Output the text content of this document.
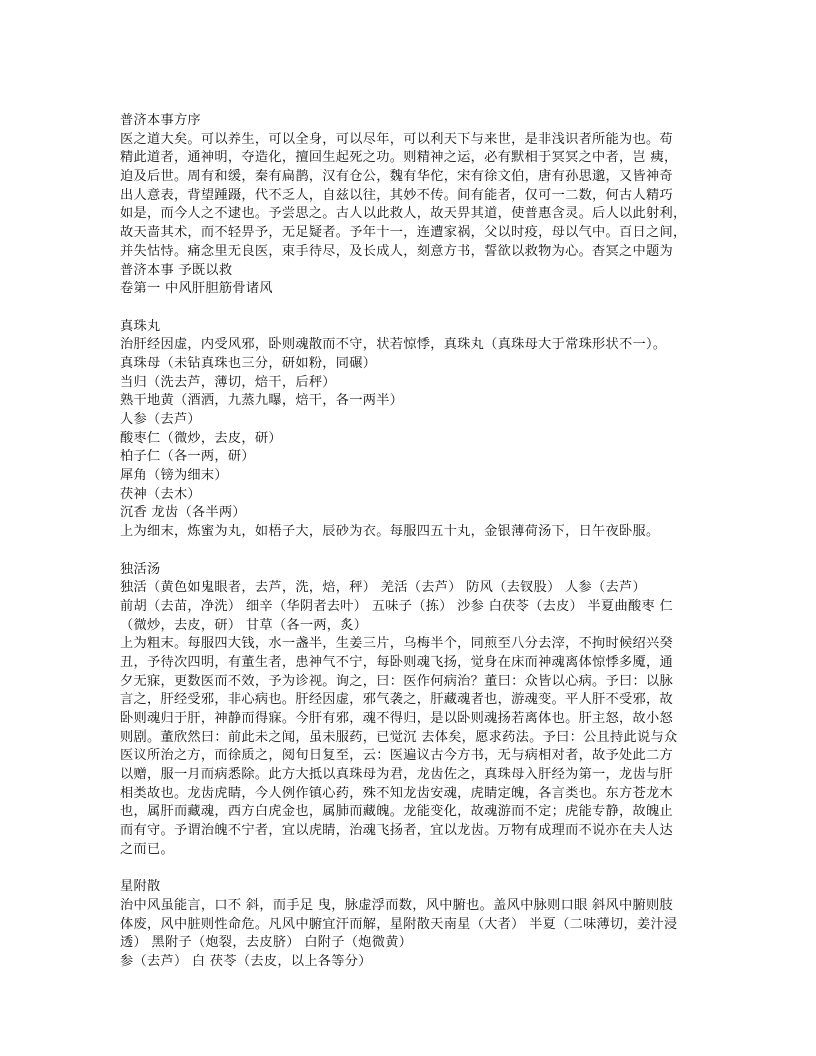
普济本事方序
医之道大矣。可以养生，可以全身，可以尽年，可以利天下与来世，是非浅识者所能为也。苟
精此道者，通神明，夺造化，擅回生起死之功。则精神之运，必有默相于冥冥之中者，岂 痍，
迫及后世。周有和缓，秦有扁鹊，汉有仓公，魏有华佗，宋有徐文伯，唐有孙思邈，又皆神奇
出人意表，背望踵蹑，代不乏人，自兹以往，其妙不传。间有能者，仅可一二数，何古人精巧
如是，而今人之不逮也。予尝思之。古人以此救人，故天畀其道，使普惠含灵。后人以此射利，
故天啬其术，而不轻畀予，无足疑者。予年十一，连遭家祸，父以时疫，母以气中。百日之间，
并失怙恃。痛念里无良医，束手待尽，及长成人，刻意方书，誓欲以救物为心。杳冥之中题为
普济本事 予既以救
卷第一 中风肝胆筋骨诸风
真珠丸
治肝经因虚，内受风邪，卧则魂散而不守，状若惊悸，真珠丸（真珠母大于常珠形状不一）。
真珠母（未钻真珠也三分，研如粉，同碾）
当归（洗去芦，薄切，焙干，后秤）
熟干地黄（酒洒，九蒸九曝，焙干，各一两半）
人参（去芦）
酸枣仁（微炒，去皮，研）
柏子仁（各一两，研）
犀角（镑为细末）
茯神（去木）
沉香 龙齿（各半两）
上为细末，炼蜜为丸，如梧子大，辰砂为衣。每服四五十丸，金银薄荷汤下，日午夜卧服。
独活汤
独活（黄色如鬼眼者，去芦，洗，焙，秤） 羌活（去芦） 防风（去钗股） 人参（去芦）
前胡（去苗，净洗） 细辛（华阴者去叶） 五味子（拣） 沙参 白茯苓（去皮） 半夏曲酸枣 仁
（微炒，去皮，研） 甘草（各一两，炙）
上为粗末。每服四大钱，水一盏半，生姜三片，乌梅半个，同煎至八分去滓，不拘时候绍兴癸
丑，予待次四明，有董生者，患神气不宁，每卧则魂飞扬，觉身在床而神魂离体惊悸多魇，通
夕无寐，更数医而不效，予为诊视。询之，曰：医作何病治？董曰：众皆以心病。予曰：以脉
言之，肝经受邪，非心病也。肝经因虚，邪气袭之，肝藏魂者也，游魂变。平人肝不受邪，故
卧则魂归于肝，神静而得寐。今肝有邪，魂不得归，是以卧则魂扬若离体也。肝主怒，故小怒
则剧。董欣然曰：前此未之闻，虽未服药，已觉沉 去体矣，愿求药法。予曰：公且持此说与众
医议所治之方，而徐质之，阅旬日复至，云：医遍议古今方书，无与病相对者，故予处此二方
以赠，服一月而病悉除。此方大抵以真珠母为君，龙齿佐之，真珠母入肝经为第一，龙齿与肝
相类故也。龙齿虎睛，今人例作镇心药，殊不知龙齿安魂，虎睛定魄，各言类也。东方苍龙木
也，属肝而藏魂，西方白虎金也，属肺而藏魄。龙能变化，故魂游而不定；虎能专静，故魄止
而有守。予谓治魄不宁者，宜以虎睛，治魂飞扬者，宜以龙齿。万物有成理而不说亦在夫人达
之而已。
星附散
治中风虽能言，口不 斜，而手足 曳，脉虚浮而数，风中腑也。盖风中脉则口眼 斜风中腑则肢
体废，风中脏则性命危。凡风中腑宜汗而解，星附散天南星（大者） 半夏（二味薄切，姜汁浸
透） 黑附子（炮裂，去皮脐） 白附子（炮微黄）
参（去芦） 白 茯苓（去皮，以上各等分）
